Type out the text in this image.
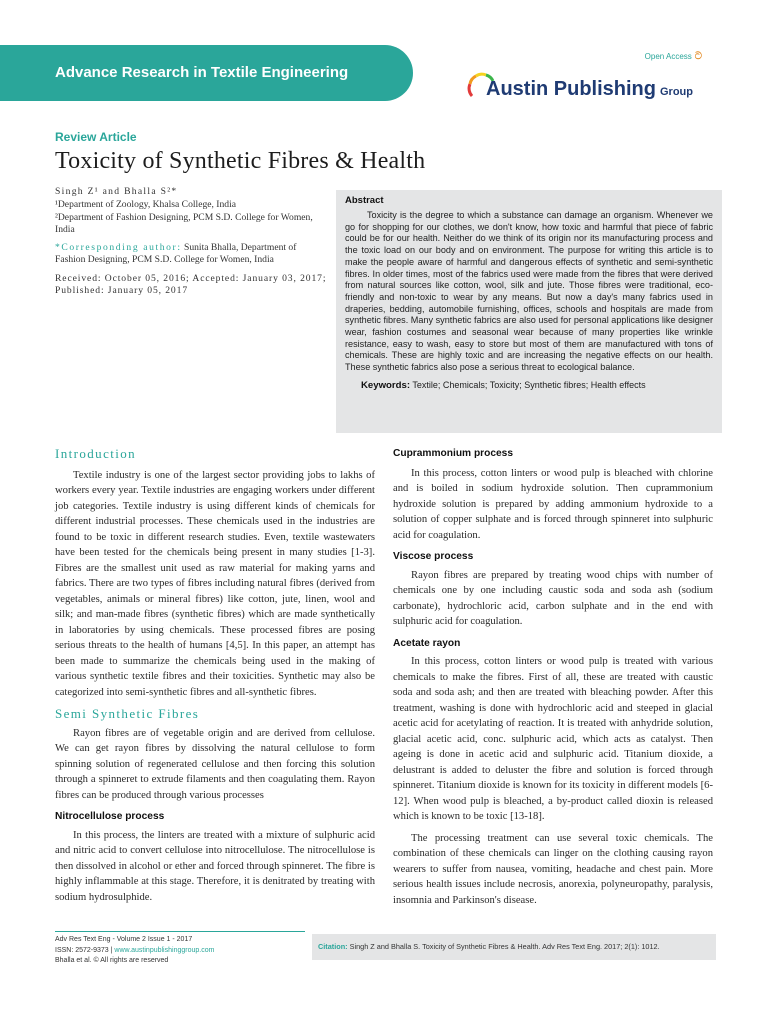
Advance Research in Textile Engineering
Open Access ට
Austin Publishing Group
Review Article
Toxicity of Synthetic Fibres & Health

Singh Z¹ and Bhalla S²*

¹Department of Zoology, Khalsa College, India

²Department of Fashion Designing, PCM S.D. College for Women, India

*Corresponding author: Sunita Bhalla, Department of Fashion Designing, PCM S.D. College for Women, India

Received: October 05, 2016; Accepted: January 03, 2017; Published: January 05, 2017

Abstract
Toxicity is the degree to which a substance can damage an organism. Whenever we go for shopping for our clothes, we don't know, how toxic and harmful that piece of fabric could be for our health. Neither do we think of its origin nor its manufacturing process and the toxic load on our body and on environment. The purpose for writing this article is to make the people aware of harmful and dangerous effects of synthetic and semi-synthetic fibres. In older times, most of the fabrics used were made from the fibres that were derived from natural sources like cotton, wool, silk and jute. Those fibres were traditional, eco-friendly and non-toxic to wear by any means. But now a day's many fabrics used in draperies, bedding, automobile furnishing, offices, schools and hospitals are made from synthetic fibres. Many synthetic fabrics are also used for personal applications like designer wear, fashion costumes and seasonal wear because of many properties like wrinkle resistance, easy to wash, easy to store but most of them are manufactured with tons of chemicals. These are highly toxic and are increasing the negative effects on our health. These synthetic fabrics also pose a serious threat to ecological balance.
Keywords: Textile; Chemicals; Toxicity; Synthetic fibres; Health effects
Introduction

Textile industry is one of the largest sector providing jobs to lakhs of workers every year. Textile industries are engaging workers under different job categories. Textile industry is using different kinds of chemicals for different industrial processes. These chemicals used in the industries are found to be toxic in different research studies. Even, textile wastewaters have been tested for the chemicals being present in many studies [1-3]. Fibres are the smallest unit used as raw material for making yarns and fabrics. There are two types of fibres including natural fibres (derived from vegetables, animals or mineral fibres) like cotton, jute, linen, wool and silk; and man-made fibres (synthetic fibres) which are made synthetically in laboratories by using chemicals. These processed fibres are posing serious threats to the health of humans [4,5]. In this paper, an attempt has been made to summarize the chemicals being used in the making of various synthetic textile fibres and their toxicities. Synthetic may also be categorized into semi-synthetic fibres and all-synthetic fibres.

Semi Synthetic Fibres

Rayon fibres are of vegetable origin and are derived from cellulose. We can get rayon fibres by dissolving the natural cellulose to form spinning solution of regenerated cellulose and then forcing this solution through a spinneret to extrude filaments and then coagulating them. Rayon fibres can be produced through various processes

Nitrocellulose process

In this process, the linters are treated with a mixture of sulphuric acid and nitric acid to convert cellulose into nitrocellulose. The nitrocellulose is then dissolved in alcohol or ether and forced through spinneret. The fibre is highly inflammable at this stage. Therefore, it is denitrated by treating with sodium hydrosulphide.

Cuprammonium process

In this process, cotton linters or wood pulp is bleached with chlorine and is boiled in sodium hydroxide solution. Then cuprammonium hydroxide solution is prepared by adding ammonium hydroxide to a solution of copper sulphate and is forced through spinneret into sulphuric acid for coagulation.

Viscose process

Rayon fibres are prepared by treating wood chips with number of chemicals one by one including caustic soda and soda ash (sodium carbonate), hydrochloric acid, carbon sulphate and in the end with sulphuric acid for coagulation.

Acetate rayon

In this process, cotton linters or wood pulp is treated with various chemicals to make the fibres. First of all, these are treated with caustic soda and soda ash; and then are treated with bleaching powder. After this treatment, washing is done with hydrochloric acid and steeped in glacial acetic acid for acetylating of reaction. It is treated with anhydride solution, glacial acetic acid, conc. sulphuric acid, which acts as catalyst. Then ageing is done in acetic acid and sulphuric acid. Titanium dioxide, a delustrant is added to deluster the fibre and solution is forced through spinneret. Titanium dioxide is known for its toxicity in different models [6-12]. When wood pulp is bleached, a by-product called dioxin is released which is known to be toxic [13-18].

The processing treatment can use several toxic chemicals. The combination of these chemicals can linger on the clothing causing rayon wearers to suffer from nausea, vomiting, headache and chest pain. More serious health issues include necrosis, anorexia, polyneuropathy, paralysis, insomnia and Parkinson's disease.

Adv Res Text Eng - Volume 2 Issue 1 - 2017
ISSN: 2572-9373 | www.austinpublishinggroup.com
Bhalla et al. © All rights are reserved
Citation: Singh Z and Bhalla S. Toxicity of Synthetic Fibres & Health. Adv Res Text Eng. 2017; 2(1): 1012.
